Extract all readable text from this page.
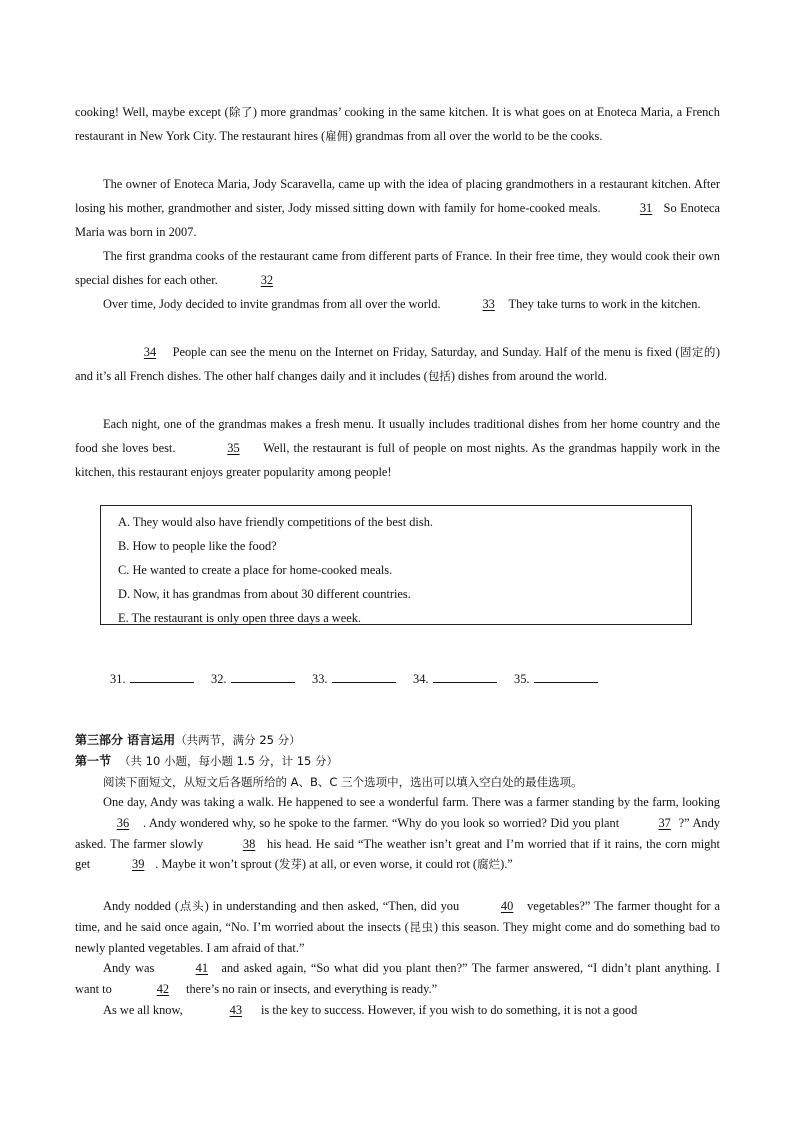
cooking! Well, maybe except (除了) more grandmas’ cooking in the same kitchen. It is what goes on at Enoteca Maria, a French restaurant in New York City. The restaurant hires (雇佣) grandmas from all over the world to be the cooks.

The owner of Enoteca Maria, Jody Scaravella, came up with the idea of placing grandmothers in a restaurant kitchen. After losing his mother, grandmother and sister, Jody missed sitting down with family for home-cooked meals.	31 So Enoteca Maria was born in 2007.

The first grandma cooks of the restaurant came from different parts of France. In their free time, they would cook their own special dishes for each other.	32

Over time, Jody decided to invite grandmas from all over the world.	33 They take turns to work in the kitchen.

34 People can see the menu on the Internet on Friday, Saturday, and Sunday. Half of the menu is fixed (固定的) and it’s all French dishes. The other half changes daily and it includes (包括) dishes from around the world.

Each night, one of the grandmas makes a fresh menu. It usually includes traditional dishes from her home country and the food she loves best.	35 Well, the restaurant is full of people on most nights. As the grandmas happily work in the kitchen, this restaurant enjoys greater popularity among people!

A. They would also have friendly competitions of the best dish.

B. How to people like the food?

C. He wanted to create a place for home-cooked meals.

D. Now, it has grandmas from about 30 different countries.

E. The restaurant is only open three days a week.

31.	32.	33.	34.	35.

第三部分 语言运用（共两节，满分 25 分）

第一节 （共 10 小题，每小题 1.5 分，计 15 分）

阅读下面短文，从短文后各题所给的 A、B、C 三个选项中，选出可以填入空白处的最佳选项。

One day, Andy was taking a walk. He happened to see a wonderful farm. There was a farmer standing by the farm, looking 36 . Andy wondered why, so he spoke to the farmer. “Why do you look so worried? Did you plant	37 ?” Andy asked. The farmer slowly	38 his head. He said “The weather isn’t great and I’m worried that if it rains, the corn might get	39 . Maybe it won’t sprout (发芽) at all, or even worse, it could rot (腐烂).”

Andy nodded (点头) in understanding and then asked, “Then, did you	40 vegetables?” The farmer thought for a time, and he said once again, “No. I’m worried about the insects (昆虫) this season. They might come and do something bad to newly planted vegetables. I am afraid of that.”

Andy was	41 and asked again, “So what did you plant then?” The farmer answered, “I didn’t plant anything. I want to	42 there’s no rain or insects, and everything is ready.”

As we all know,	43 is the key to success. However, if you wish to do something, it is not a good
